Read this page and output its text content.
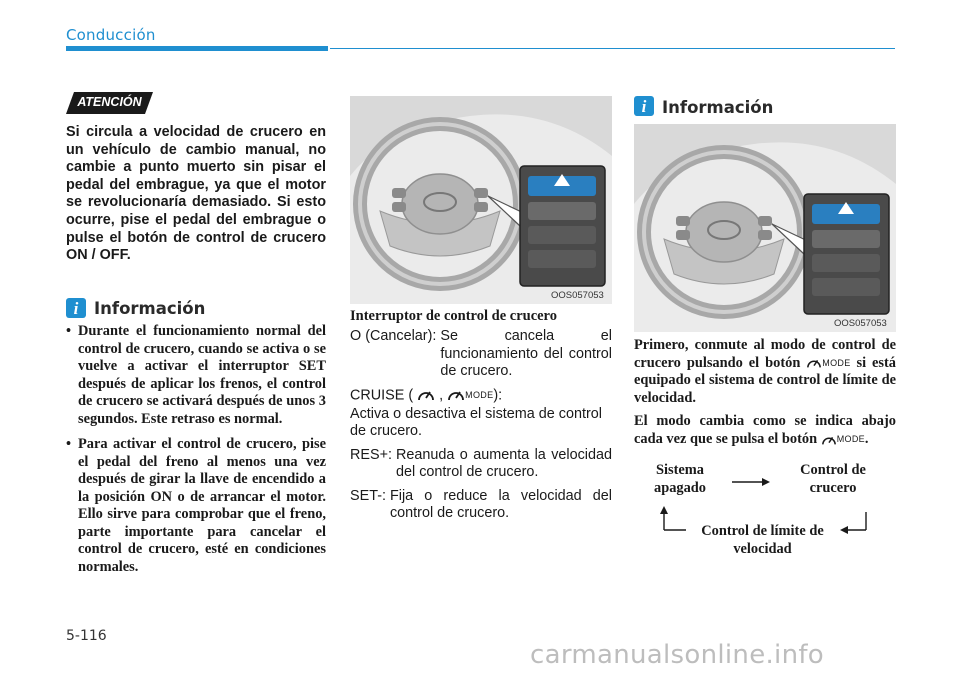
Conducción
ATENCIÓN
Si circula a velocidad de crucero en un vehículo de cambio manual, no cambie a punto muerto sin pisar el pedal del embrague, ya que el motor se revolucionaría demasiado. Si esto ocurre, pise el pedal del embrague o pulse el botón de control de crucero ON / OFF.
i Información
• Durante el funcionamiento normal del control de crucero, cuando se activa o se vuelve a activar el interruptor SET después de aplicar los frenos, el control de crucero se activará después de unos 3 segundos. Este retraso es normal.
• Para activar el control de crucero, pise el pedal del freno al menos una vez después de girar la llave de encendido a la posición ON o de arrancar el motor. Ello sirve para comprobar que el freno, parte importante para cancelar el control de crucero, esté en condiciones normales.
OOS057053
Interruptor de control de crucero
O (Cancelar): Se cancela el funcionamiento del control de crucero.
CRUISE ( , MODE):
Activa o desactiva el sistema de control de crucero.
RES+: Reanuda o aumenta la velocidad del control de crucero.
SET-: Fija o reduce la velocidad del control de crucero.
i Información
OOS057053

Primero, conmute al modo de control de crucero pulsando el botón MODE si está equipado el sistema de control de límite de velocidad.

El modo cambia como se indica abajo cada vez que se pulsa el botón MODE.

Sistema
apagado
Control de
crucero
Control de límite de
velocidad
5-116
carmanualsonline.info
